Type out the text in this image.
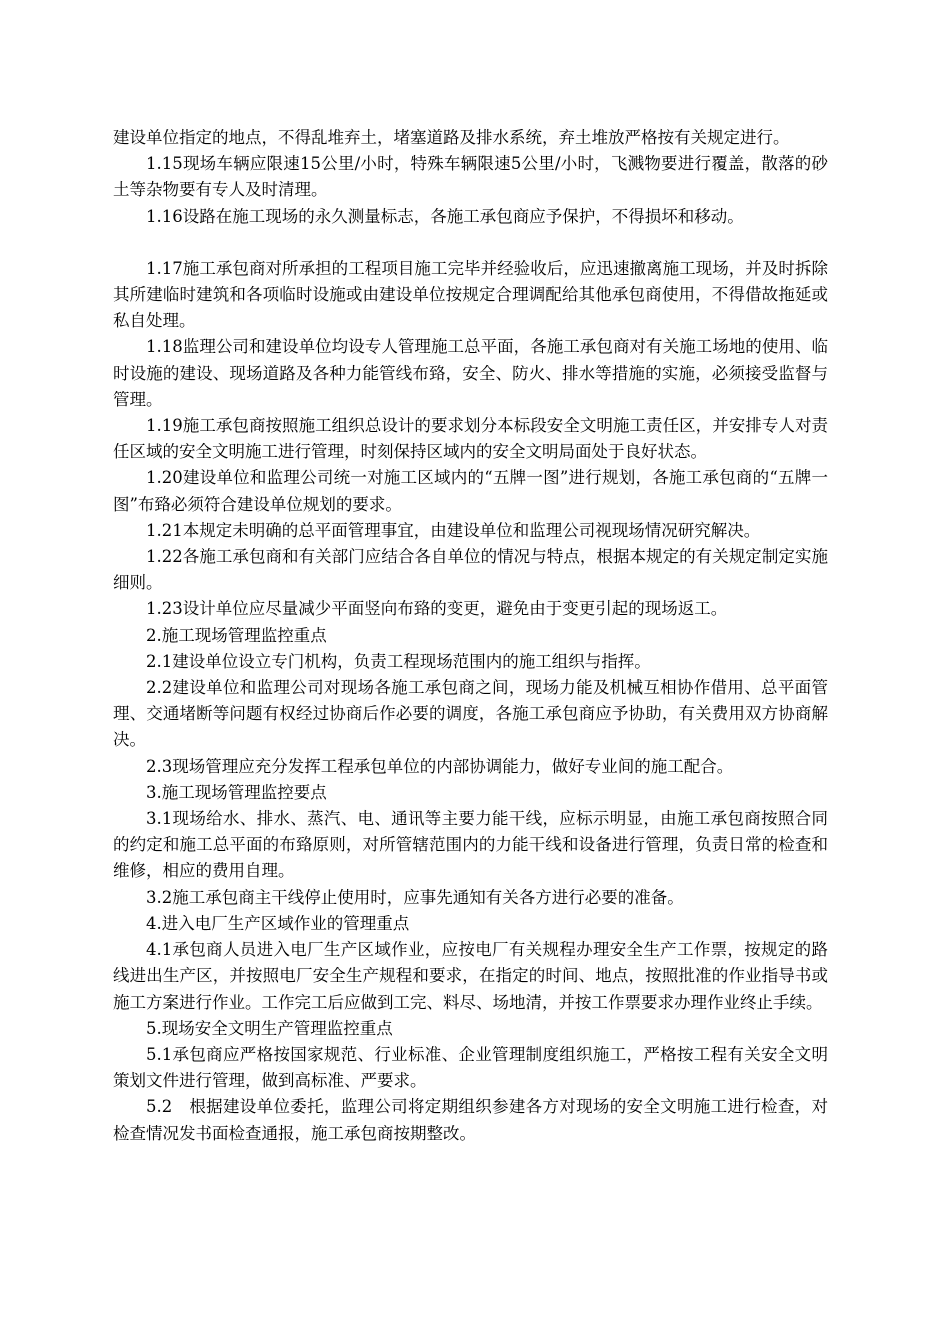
建设单位指定的地点，不得乱堆弃土，堵塞道路及排水系统，弃土堆放严格按有关规定进行。

1.15现场车辆应限速15公里/小时，特殊车辆限速5公里/小时，飞溅物要进行覆盖，散落的砂土等杂物要有专人及时清理。

1.16设路在施工现场的永久测量标志，各施工承包商应予保护，不得损坏和移动。

1.17施工承包商对所承担的工程项目施工完毕并经验收后，应迅速撤离施工现场，并及时拆除其所建临时建筑和各项临时设施或由建设单位按规定合理调配给其他承包商使用，不得借故拖延或私自处理。

1.18监理公司和建设单位均设专人管理施工总平面，各施工承包商对有关施工场地的使用、临时设施的建设、现场道路及各种力能管线布臵，安全、防火、排水等措施的实施，必须接受监督与管理。

1.19施工承包商按照施工组织总设计的要求划分本标段安全文明施工责任区，并安排专人对责任区域的安全文明施工进行管理，时刻保持区域内的安全文明局面处于良好状态。

1.20建设单位和监理公司统一对施工区域内的“五牌一图”进行规划，各施工承包商的“五牌一图”布臵必须符合建设单位规划的要求。

1.21本规定未明确的总平面管理事宜，由建设单位和监理公司视现场情况研究解决。

1.22各施工承包商和有关部门应结合各自单位的情况与特点，根据本规定的有关规定制定实施细则。

1.23设计单位应尽量减少平面竖向布臵的变更，避免由于变更引起的现场返工。

2.施工现场管理监控重点

2.1建设单位设立专门机构，负责工程现场范围内的施工组织与指挥。

2.2建设单位和监理公司对现场各施工承包商之间，现场力能及机械互相协作借用、总平面管理、交通堵断等问题有权经过协商后作必要的调度，各施工承包商应予协助，有关费用双方协商解决。

2.3现场管理应充分发挥工程承包单位的内部协调能力，做好专业间的施工配合。

3.施工现场管理监控要点

3.1现场给水、排水、蒸汽、电、通讯等主要力能干线，应标示明显，由施工承包商按照合同的约定和施工总平面的布臵原则，对所管辖范围内的力能干线和设备进行管理，负责日常的检查和维修，相应的费用自理。

3.2施工承包商主干线停止使用时，应事先通知有关各方进行必要的准备。

4.进入电厂生产区域作业的管理重点

4.1承包商人员进入电厂生产区域作业，应按电厂有关规程办理安全生产工作票，按规定的路线进出生产区，并按照电厂安全生产规程和要求，在指定的时间、地点，按照批准的作业指导书或施工方案进行作业。工作完工后应做到工完、料尽、场地清，并按工作票要求办理作业终止手续。

5.现场安全文明生产管理监控重点

5.1承包商应严格按国家规范、行业标准、企业管理制度组织施工，严格按工程有关安全文明策划文件进行管理，做到高标准、严要求。

5.2　根据建设单位委托，监理公司将定期组织参建各方对现场的安全文明施工进行检查，对检查情况发书面检查通报，施工承包商按期整改。
